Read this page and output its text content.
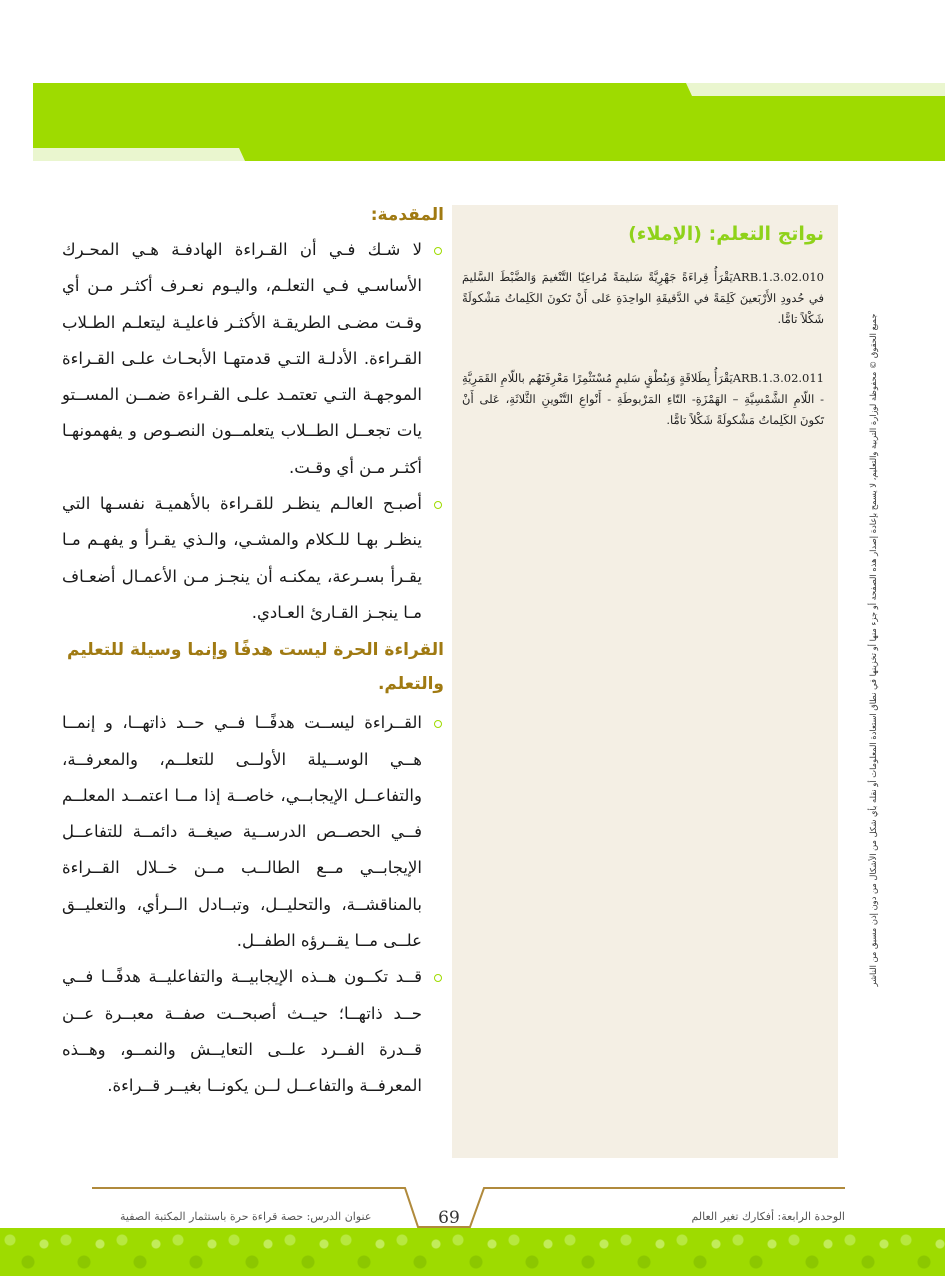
نواتج التعلم: (الإملاء)
ARB.1.3.02.010يَقْرَأُ قِراءَةً جَهْرِيَّةً سَليمَةً مُراعِيًا التَّنْغيمَ وَالضَّبْطَ السَّليمَ في حُدودِ الأَرْبَعينَ كَلِمَةً في الدَّقيقَةِ الواحِدَةِ عَلى أَنْ تَكونَ الكَلِماتُ مَشْكولَةً شَكْلاً تامًّا.
ARB.1.3.02.011يَقْرَأُ بِطَلاقَةٍ وَبِنُطْقٍ سَليمٍ مُسْتَثْمِرًا مَعْرِفَتَهُم باللّامِ القَمَرِيَّةِ - اللّامِ الشَّمْسِيَّةِ – الهَمْزَةِ- التّاءِ المَرْبوطَةِ - أَنْواعِ التَّنْوينِ الثَّلاثَةِ، عَلى أَنْ تَكونَ الكَلِماتُ مَشْكولَةً شَكْلاً تامًّا.
المقدمة:
لا شـك فـي أن القـراءة الهادفـة هـي المحـرك الأساسـي فـي التعلـم، واليـوم نعـرف أكثـر مـن أي وقـت مضـى الطريقـة الأكثـر فاعليـة ليتعلـم الطـلاب القـراءة. الأدلـة التـي قدمتهـا الأبحـاث علـى القـراءة الموجهـة التـي تعتمـد علـى القـراءة ضمــن المســتو يات تجعــل الطــلاب يتعلمــون النصـوص و يفهمونهـا أكثـر مـن أي وقـت.
أصبـح العالـم ينظـر للقـراءة بالأهميـة نفسـها التي ينظـر بهـا للـكلام والمشـي، والـذي يقـرأ و يفهـم مـا يقـرأ بسـرعة، يمكنـه أن ينجـز مـن الأعمـال أضعـاف مـا ينجـز القـارئ العـادي.
القراءة الحرة ليست هدفًا وإنما وسيلة للتعليم والتعلم.
القــراءة ليســت هدفًــا فــي حــد ذاتهــا، و إنمــا هــي الوســيلة الأولــى للتعلــم، والمعرفــة، والتفاعــل الإيجابــي، خاصــة إذا مــا اعتمــد المعلــم فــي الحصــص الدرســية صيغــة دائمــة للتفاعــل الإيجابــي مــع الطالــب مــن خــلال القــراءة بالمناقشــة، والتحليــل، وتبــادل الــرأي، والتعليــق علــى مــا يقــرؤه الطفــل.
قــد تكــون هــذه الإيجابيــة والتفاعليــة هدفًــا فــي حــد ذاتهــا؛ حيــث أصبحــت صفــة معبــرة عــن قــدرة الفــرد علــى التعايــش والنمــو، وهــذه المعرفــة والتفاعــل لــن يكونــا بغيــر قــراءة.
جميع الحقوق © محفوظة لوزارة التربية والتعليم، لا يسمح بإعادة إصدار هذه الصفحة أو جزء منها أو تخزينها في نطاق استعادة المعلومات أو نقله بأي شكل من الأشكال من دون إذن مسبق من الناشر
الوحدة الرابعة: أفكارك تغير العالم
69
عنوان الدرس: حصة قراءة حرة باستثمار المكتبة الصفية
